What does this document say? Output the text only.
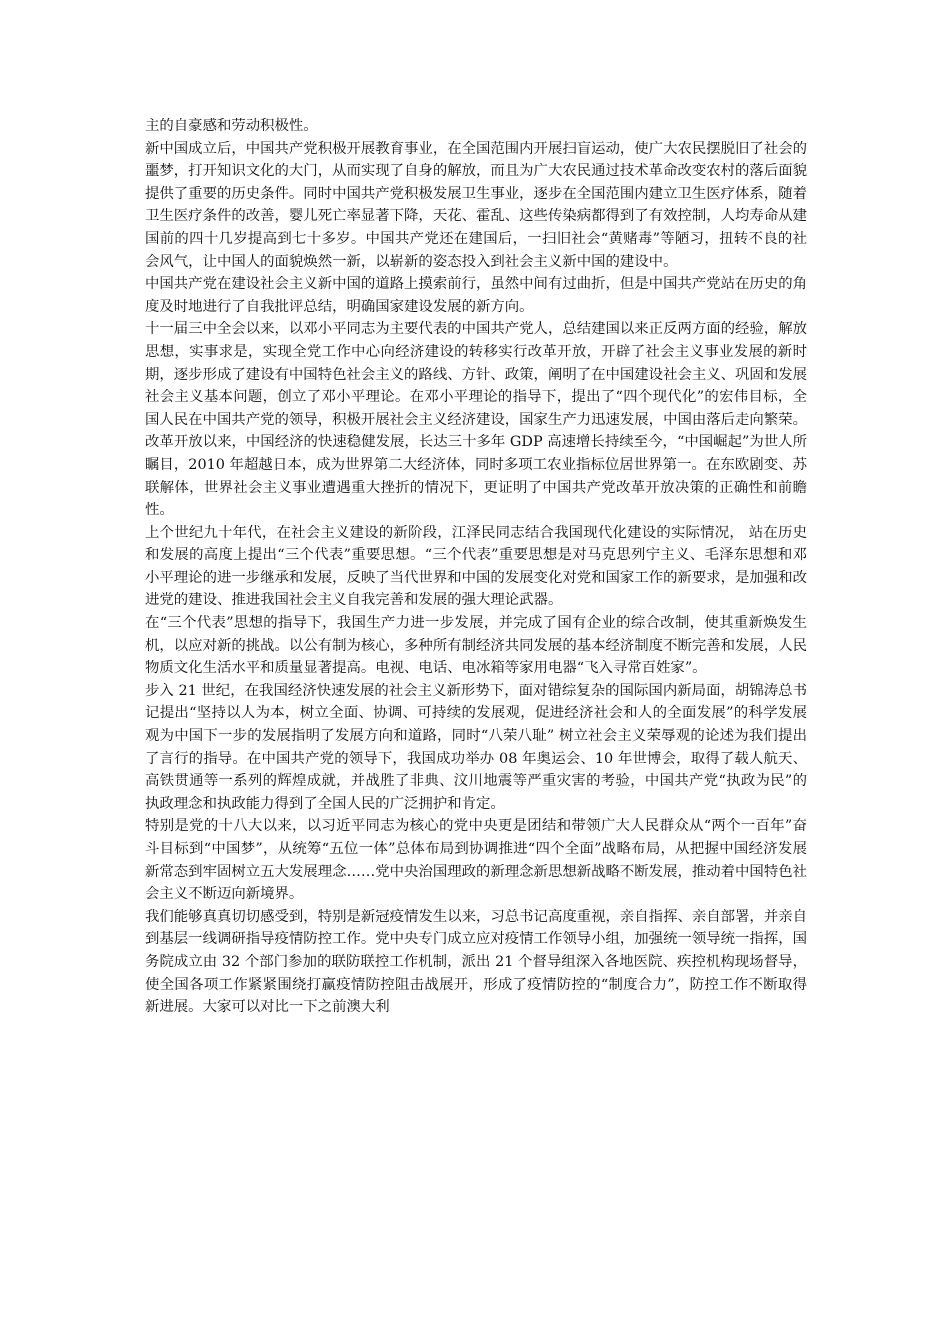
主的自豪感和劳动积极性。

新中国成立后，中国共产党积极开展教育事业，在全国范围内开展扫盲运动，使广大农民摆脱旧了社会的噩梦，打开知识文化的大门，从而实现了自身的解放，而且为广大农民通过技术革命改变农村的落后面貌提供了重要的历史条件。同时中国共产党积极发展卫生事业，逐步在全国范围内建立卫生医疗体系，随着卫生医疗条件的改善，婴儿死亡率显著下降，天花、霍乱、这些传染病都得到了有效控制，人均寿命从建国前的四十几岁提高到七十多岁。中国共产党还在建国后，一扫旧社会“黄赌毒”等陋习，扭转不良的社会风气，让中国人的面貌焕然一新，以崭新的姿态投入到社会主义新中国的建设中。

中国共产党在建设社会主义新中国的道路上摸索前行，虽然中间有过曲折，但是中国共产党站在历史的角度及时地进行了自我批评总结，明确国家建设发展的新方向。

十一届三中全会以来，以邓小平同志为主要代表的中国共产党人，总结建国以来正反两方面的经验，解放思想，实事求是，实现全党工作中心向经济建设的转移实行改革开放，开辟了社会主义事业发展的新时期，逐步形成了建设有中国特色社会主义的路线、方针、政策，阐明了在中国建设社会主义、巩固和发展社会主义基本问题，创立了邓小平理论。在邓小平理论的指导下，提出了“四个现代化”的宏伟目标，全国人民在中国共产党的领导，积极开展社会主义经济建设，国家生产力迅速发展，中国由落后走向繁荣。

改革开放以来，中国经济的快速稳健发展，长达三十多年 GDP 高速增长持续至今，“中国崛起”为世人所瞩目，2010 年超越日本，成为世界第二大经济体，同时多项工农业指标位居世界第一。在东欧剧变、苏联解体，世界社会主义事业遭遇重大挫折的情况下，更证明了中国共产党改革开放决策的正确性和前瞻性。

上个世纪九十年代，在社会主义建设的新阶段，江泽民同志结合我国现代化建设的实际情况， 站在历史和发展的高度上提出“三个代表”重要思想。“三个代表”重要思想是对马克思列宁主义、毛泽东思想和邓小平理论的进一步继承和发展，反映了当代世界和中国的发展变化对党和国家工作的新要求，是加强和改进党的建设、推进我国社会主义自我完善和发展的强大理论武器。

在“三个代表”思想的指导下，我国生产力进一步发展，并完成了国有企业的综合改制，使其重新焕发生机，以应对新的挑战。以公有制为核心，多种所有制经济共同发展的基本经济制度不断完善和发展，人民物质文化生活水平和质量显著提高。电视、电话、电冰箱等家用电器“飞入寻常百姓家”。

步入 21 世纪，在我国经济快速发展的社会主义新形势下，面对错综复杂的国际国内新局面，胡锦涛总书记提出“坚持以人为本，树立全面、协调、可持续的发展观，促进经济社会和人的全面发展”的科学发展观为中国下一步的发展指明了发展方向和道路，同时“八荣八耻” 树立社会主义荣辱观的论述为我们提出了言行的指导。在中国共产党的领导下，我国成功举办 08 年奥运会、10 年世博会，取得了载人航天、高铁贯通等一系列的辉煌成就，并战胜了非典、汶川地震等严重灾害的考验，中国共产党“执政为民”的执政理念和执政能力得到了全国人民的广泛拥护和肯定。

特别是党的十八大以来，以习近平同志为核心的党中央更是团结和带领广大人民群众从“两个一百年”奋斗目标到“中国梦”，从统筹“五位一体”总体布局到协调推进“四个全面”战略布局，从把握中国经济发展新常态到牢固树立五大发展理念……党中央治国理政的新理念新思想新战略不断发展，推动着中国特色社会主义不断迈向新境界。

我们能够真真切切感受到，特别是新冠疫情发生以来，习总书记高度重视，亲自指挥、亲自部署，并亲自到基层一线调研指导疫情防控工作。党中央专门成立应对疫情工作领导小组，加强统一领导统一指挥，国务院成立由 32 个部门参加的联防联控工作机制，派出 21 个督导组深入各地医院、疾控机构现场督导，使全国各项工作紧紧围绕打赢疫情防控阻击战展开，形成了疫情防控的“制度合力”，防控工作不断取得新进展。大家可以对比一下之前澳大利
